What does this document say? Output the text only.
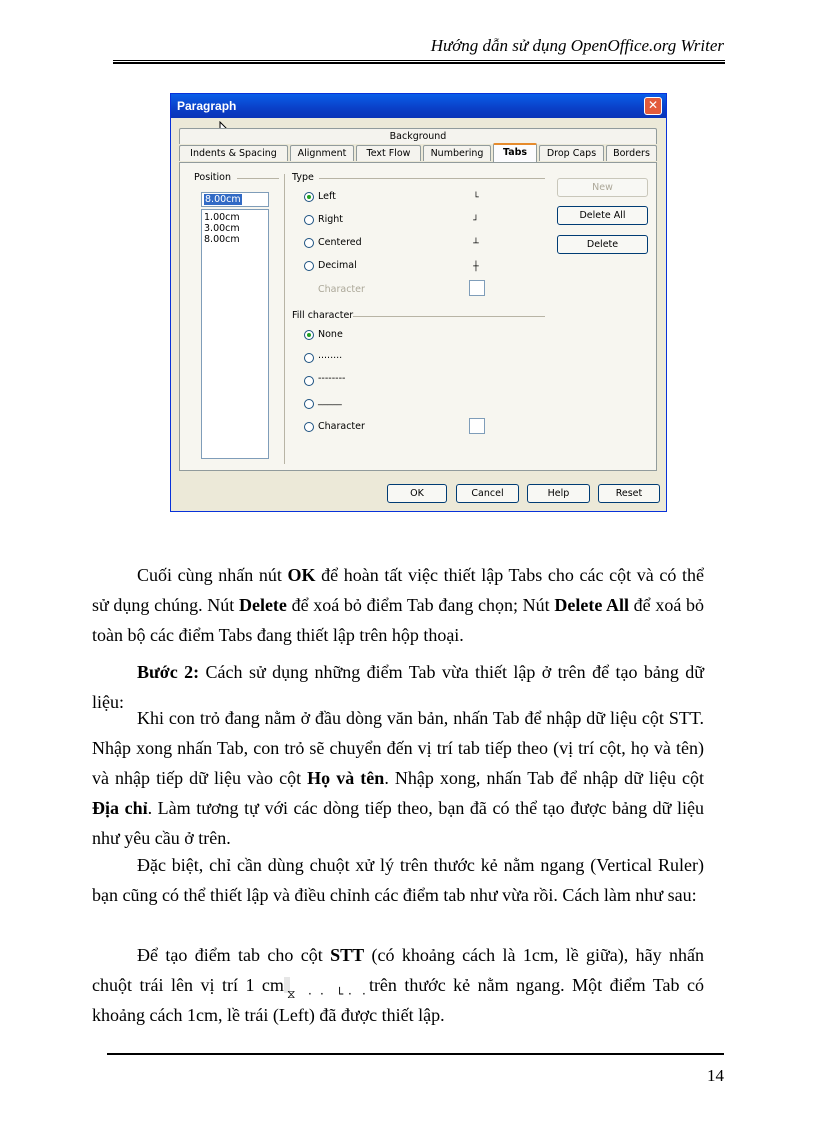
Hướng dẫn sử dụng OpenOffice.org Writer
Paragraph	✕
Background
Indents & Spacing	Alignment	Text Flow	Numbering	Tabs	Drop Caps	Borders
Position
8.00cm
1.00cm
3.00cm
8.00cm
Type
Left	└
Right	┘
Centered	┴
Decimal	┼
Character
Fill character
None
........
--------
_____
Character
New
Delete All
Delete
OK	Cancel	Help	Reset
Cuối cùng nhấn nút OK để hoàn tất việc thiết lập Tabs cho các cột và có thể sử dụng chúng. Nút Delete để xoá bỏ điểm Tab đang chọn; Nút Delete All để xoá bỏ toàn bộ các điểm Tabs đang thiết lập trên hộp thoại.
Bước 2: Cách sử dụng những điểm Tab vừa thiết lập ở trên để tạo bảng dữ liệu:
Khi con trỏ đang nằm ở đầu dòng văn bản, nhấn Tab để nhập dữ liệu cột STT. Nhập xong nhấn Tab, con trỏ sẽ chuyển đến vị trí tab tiếp theo (vị trí cột, họ và tên) và nhập tiếp dữ liệu vào cột Họ và tên. Nhập xong, nhấn Tab để nhập dữ liệu cột Địa chỉ. Làm tương tự với các dòng tiếp theo, bạn đã có thể tạo được bảng dữ liệu như yêu cầu ở trên.
Đặc biệt, chỉ cần dùng chuột xử lý trên thước kẻ nằm ngang (Vertical Ruler) bạn cũng có thể thiết lập và điều chỉnh các điểm tab như vừa rồi. Cách làm như sau:
Để tạo điểm tab cho cột STT (có khoảng cách là 1cm, lề giữa), hãy nhấn chuột trái lên vị trí 1 cm ⧖ · · └ · · trên thước kẻ nằm ngang. Một điểm Tab có khoảng cách 1cm, lề trái (Left) đã được thiết lập.
14
